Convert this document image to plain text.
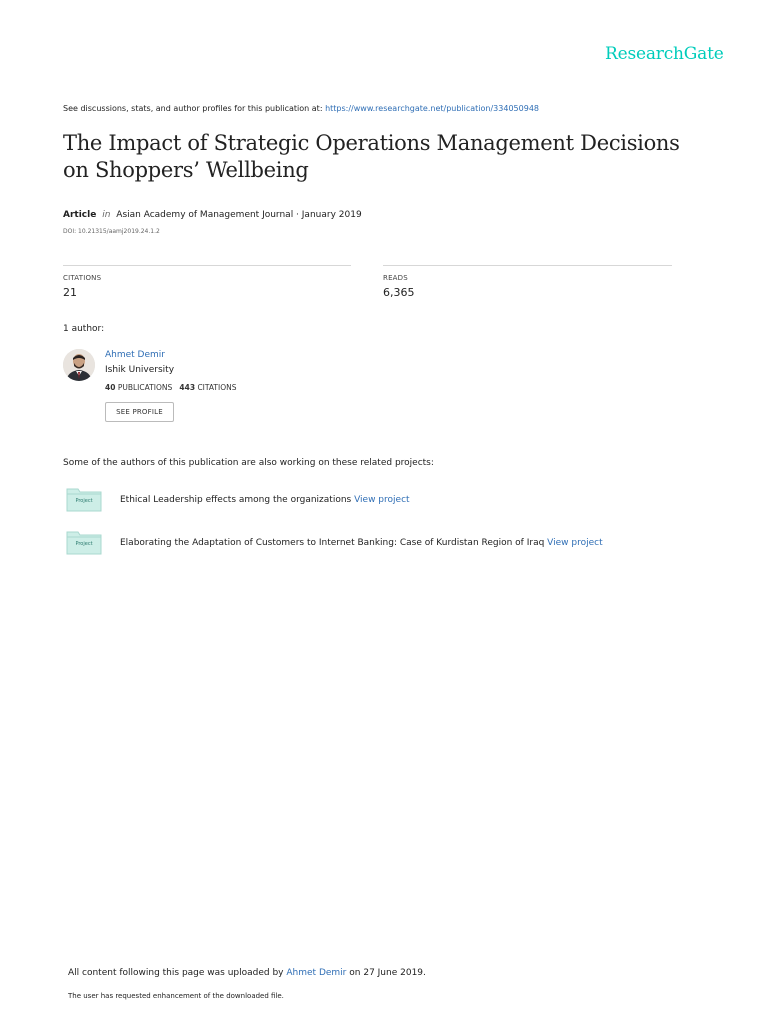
ResearchGate
See discussions, stats, and author profiles for this publication at: https://www.researchgate.net/publication/334050948
The Impact of Strategic Operations Management Decisions on Shoppers’ Wellbeing
Article in Asian Academy of Management Journal · January 2019
DOI: 10.21315/aamj2019.24.1.2
CITATIONS
21
READS
6,365
1 author:
Ahmet Demir
Ishik University
40 PUBLICATIONS 443 CITATIONS
SEE PROFILE
Some of the authors of this publication are also working on these related projects:
Project	Ethical Leadership effects among the organizations View project
Project	Elaborating the Adaptation of Customers to Internet Banking: Case of Kurdistan Region of Iraq View project
All content following this page was uploaded by Ahmet Demir on 27 June 2019.
The user has requested enhancement of the downloaded file.
